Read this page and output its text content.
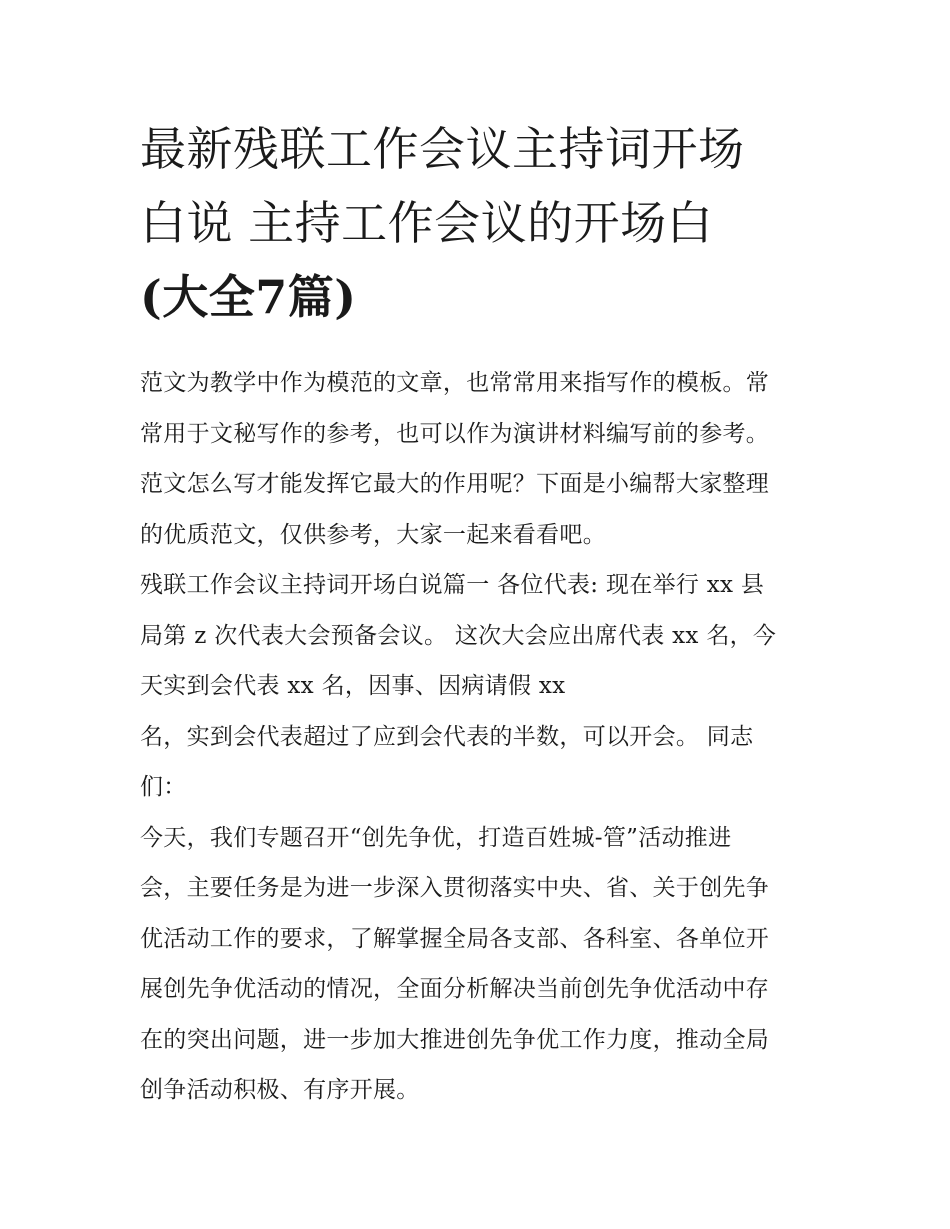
最新残联工作会议主持词开场
白说 主持工作会议的开场白
(大全7篇)
范文为教学中作为模范的文章，也常常用来指写作的模板。常
常用于文秘写作的参考，也可以作为演讲材料编写前的参考。
范文怎么写才能发挥它最大的作用呢？下面是小编帮大家整理
的优质范文，仅供参考，大家一起来看看吧。
残联工作会议主持词开场白说篇一 各位代表: 现在举行 xx 县
局第 z 次代表大会预备会议。 这次大会应出席代表 xx 名，今
天实到会代表 xx 名，因事、因病请假 xx
名，实到会代表超过了应到会代表的半数，可以开会。 同志
们：
今天，我们专题召开“创先争优，打造百姓城-管”活动推进
会，主要任务是为进一步深入贯彻落实中央、省、关于创先争
优活动工作的要求，了解掌握全局各支部、各科室、各单位开
展创先争优活动的情况，全面分析解决当前创先争优活动中存
在的突出问题，进一步加大推进创先争优工作力度，推动全局
创争活动积极、有序开展。
